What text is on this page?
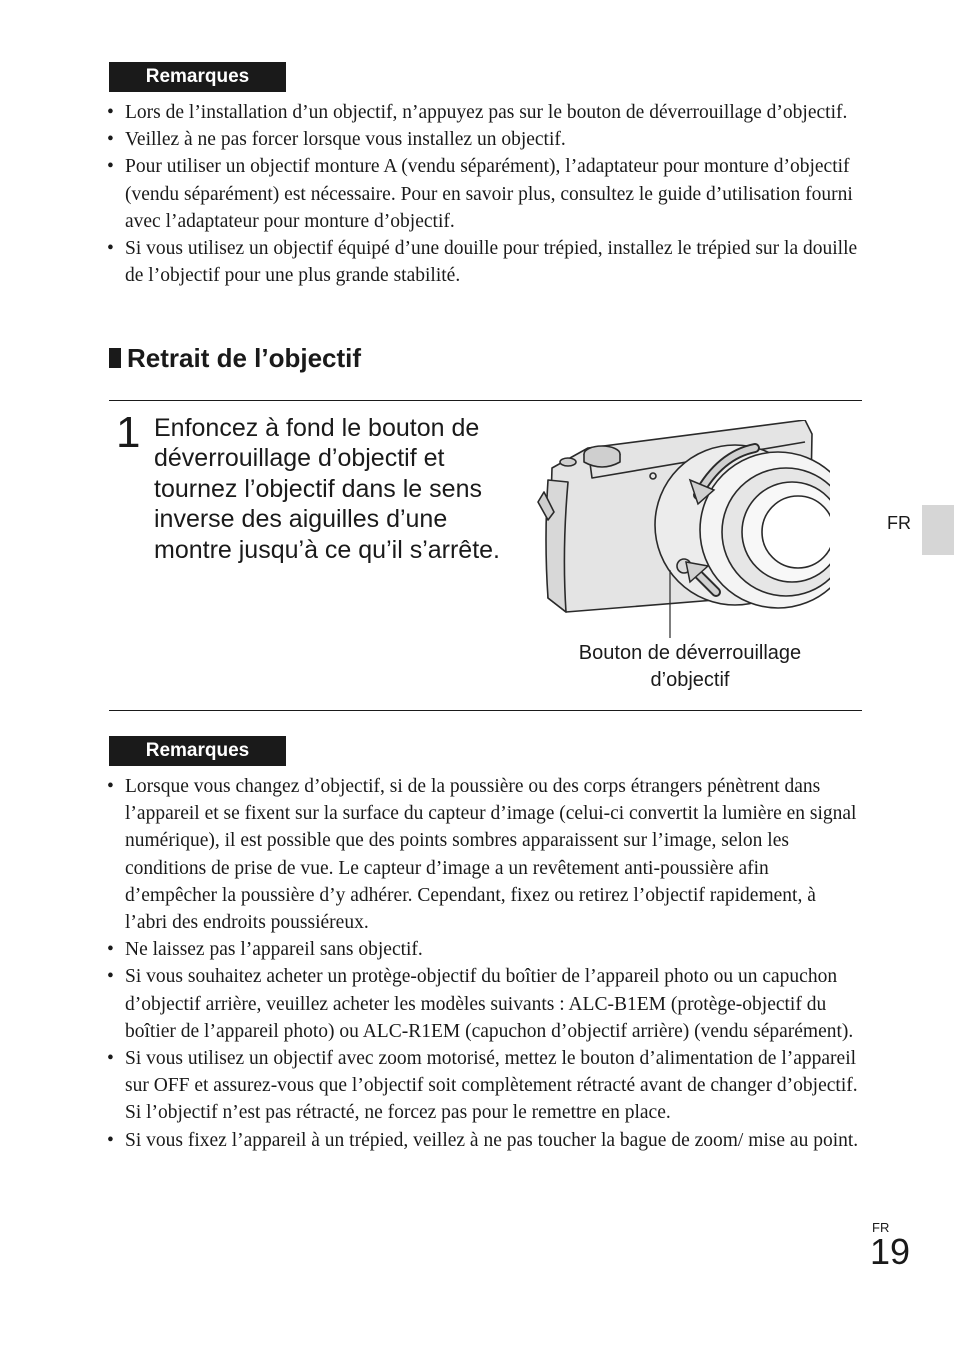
Remarques
• Lors de l’installation d’un objectif, n’appuyez pas sur le bouton de déverrouillage d’objectif.
• Veillez à ne pas forcer lorsque vous installez un objectif.
• Pour utiliser un objectif monture A (vendu séparément), l’adaptateur pour monture d’objectif (vendu séparément) est nécessaire. Pour en savoir plus, consultez le guide d’utilisation fourni avec l’adaptateur pour monture d’objectif.
• Si vous utilisez un objectif équipé d’une douille pour trépied, installez le trépied sur la douille de l’objectif pour une plus grande stabilité.
Retrait de l’objectif
1 Enfoncez à fond le bouton de déverrouillage d’objectif et tournez l’objectif dans le sens inverse des aiguilles d’une montre jusqu’à ce qu’il s’arrête.
Bouton de déverrouillage
d’objectif
Remarques
• Lorsque vous changez d’objectif, si de la poussière ou des corps étrangers pénètrent dans l’appareil et se fixent sur la surface du capteur d’image (celui-ci convertit la lumière en signal numérique), il est possible que des points sombres apparaissent sur l’image, selon les conditions de prise de vue. Le capteur d’image a un revêtement anti-poussière afin d’empêcher la poussière d’y adhérer. Cependant, fixez ou retirez l’objectif rapidement, à l’abri des endroits poussiéreux.
• Ne laissez pas l’appareil sans objectif.
• Si vous souhaitez acheter un protège-objectif du boîtier de l’appareil photo ou un capuchon d’objectif arrière, veuillez acheter les modèles suivants : ALC-B1EM (protège-objectif du boîtier de l’appareil photo) ou ALC-R1EM (capuchon d’objectif arrière) (vendu séparément).
• Si vous utilisez un objectif avec zoom motorisé, mettez le bouton d’alimentation de l’appareil sur OFF et assurez-vous que l’objectif soit complètement rétracté avant de changer d’objectif. Si l’objectif n’est pas rétracté, ne forcez pas pour le remettre en place.
• Si vous fixez l’appareil à un trépied, veillez à ne pas toucher la bague de zoom/ mise au point.
FR
FR
19
